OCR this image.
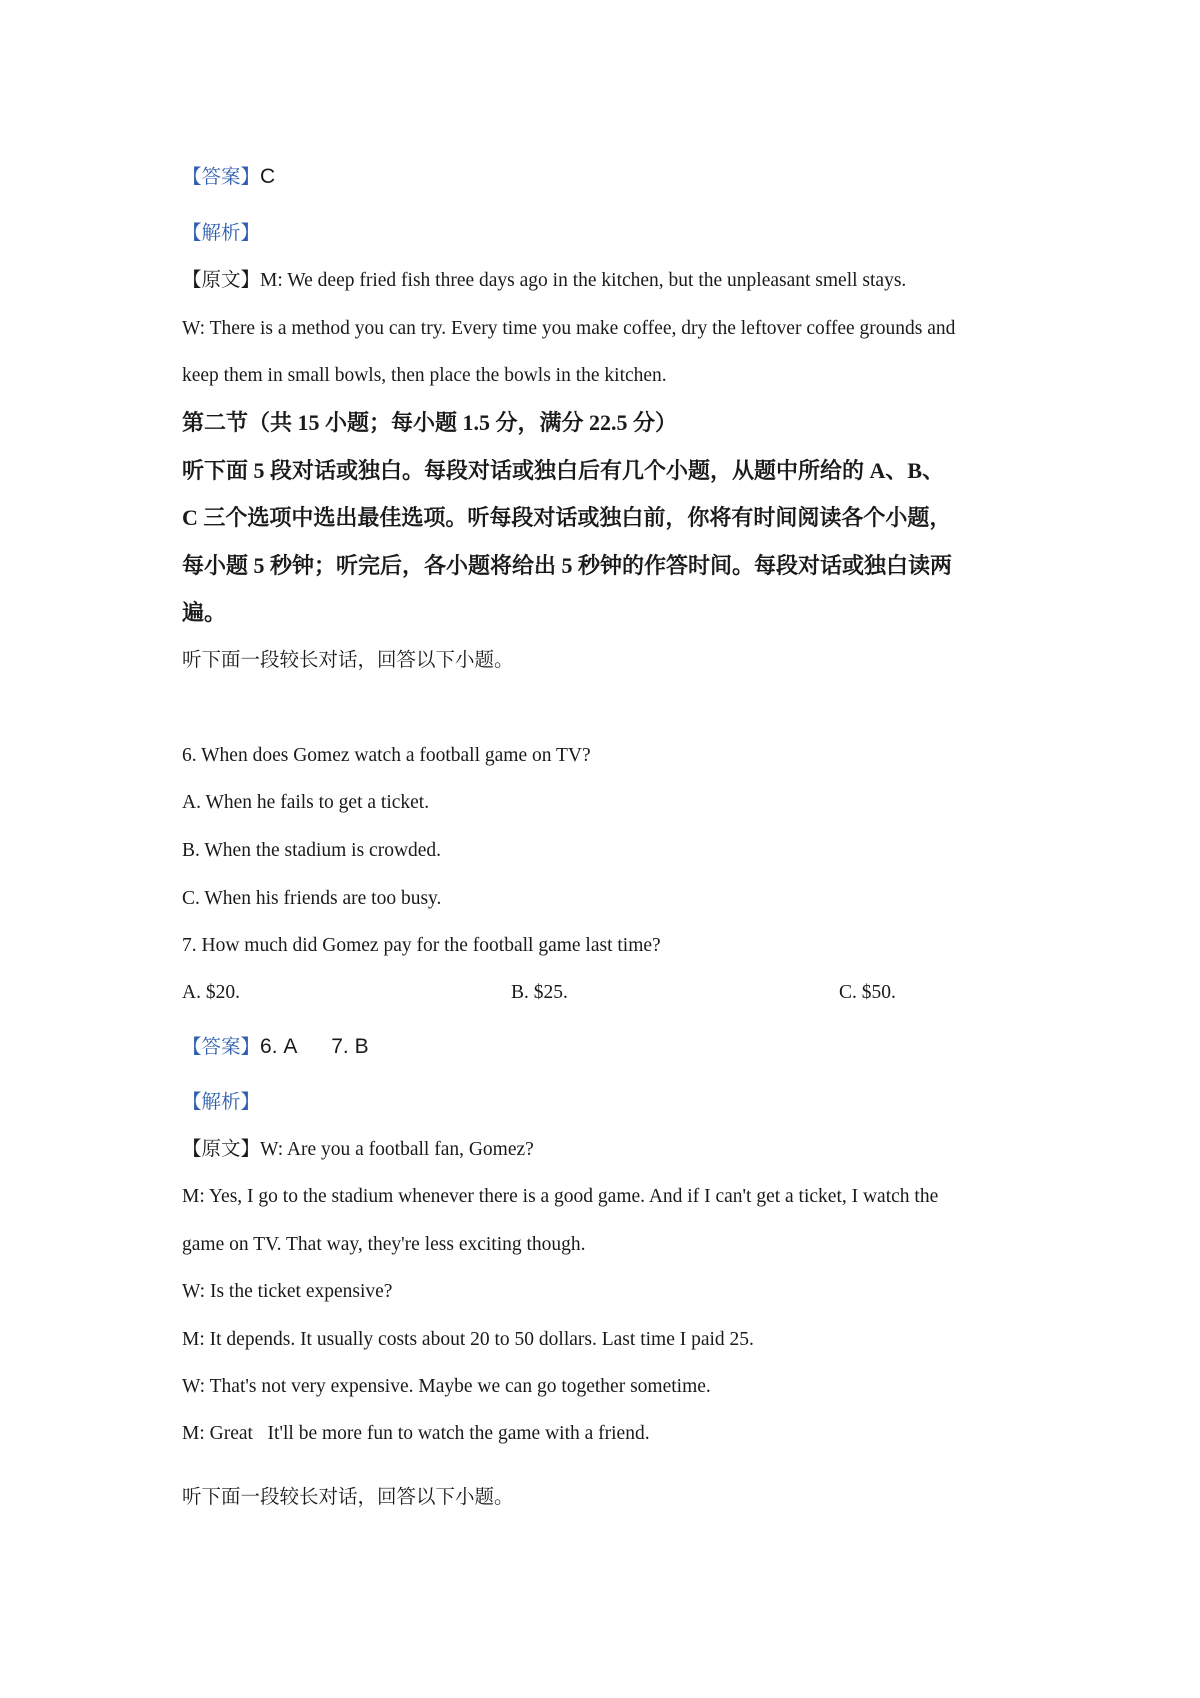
【答案】C
【解析】
【原文】M: We deep fried fish three days ago in the kitchen, but the unpleasant smell stays.
W: There is a method you can try. Every time you make coffee, dry the leftover coffee grounds and
keep them in small bowls, then place the bowls in the kitchen.
第二节（共 15 小题；每小题 1.5 分，满分 22.5 分）
听下面 5 段对话或独白。每段对话或独白后有几个小题，从题中所给的 A、B、
C 三个选项中选出最佳选项。听每段对话或独白前，你将有时间阅读各个小题，
每小题 5 秒钟；听完后，各小题将给出 5 秒钟的作答时间。每段对话或独白读两
遍。
听下面一段较长对话，回答以下小题。
6. When does Gomez watch a football game on TV?
A. When he fails to get a ticket.
B. When the stadium is crowded.
C. When his friends are too busy.
7. How much did Gomez pay for the football game last time?
A. $20.	B. $25.	C. $50.
【答案】6. A      7. B
【解析】
【原文】W: Are you a football fan, Gomez?
M: Yes, I go to the stadium whenever there is a good game. And if I can't get a ticket, I watch the
game on TV. That way, they're less exciting though.
W: Is the ticket expensive?
M: It depends. It usually costs about 20 to 50 dollars. Last time I paid 25.
W: That's not very expensive. Maybe we can go together sometime.
M: Great   It'll be more fun to watch the game with a friend.
听下面一段较长对话，回答以下小题。
